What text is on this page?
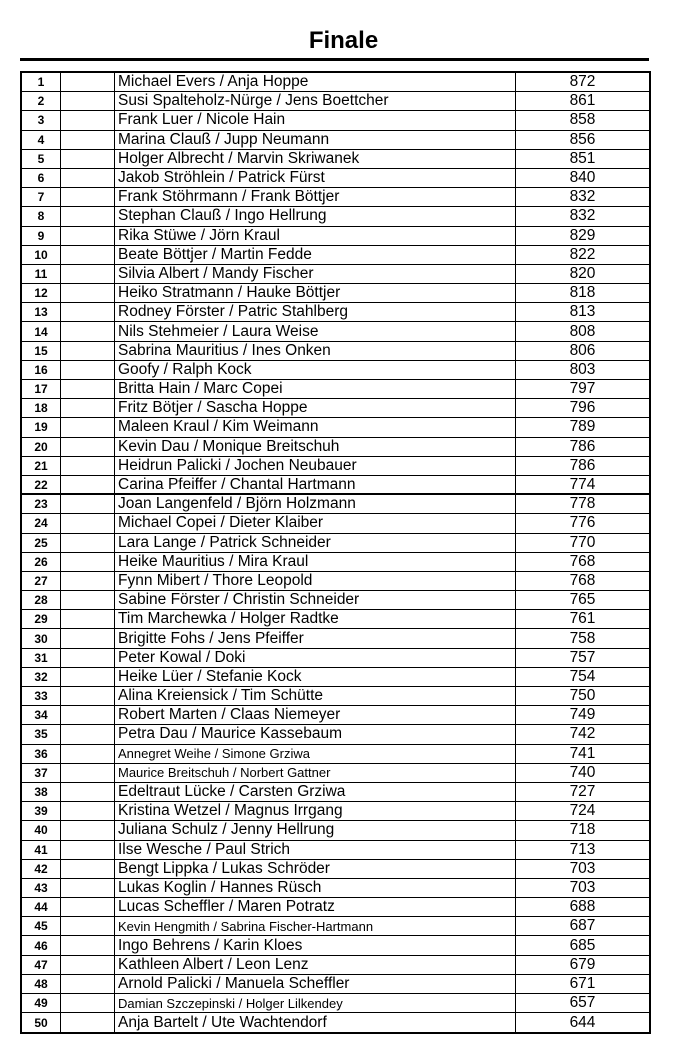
Finale
1	Michael Evers / Anja Hoppe	872
2	Susi Spalteholz-Nürge / Jens Boettcher	861
3	Frank Luer / Nicole Hain	858
4	Marina Clauß / Jupp Neumann	856
5	Holger Albrecht / Marvin Skriwanek	851
6	Jakob Ströhlein / Patrick Fürst	840
7	Frank Stöhrmann / Frank Böttjer	832
8	Stephan Clauß / Ingo Hellrung	832
9	Rika Stüwe / Jörn Kraul	829
10	Beate Böttjer / Martin Fedde	822
11	Silvia Albert / Mandy Fischer	820
12	Heiko Stratmann / Hauke Böttjer	818
13	Rodney Förster / Patric Stahlberg	813
14	Nils Stehmeier / Laura Weise	808
15	Sabrina Mauritius / Ines Onken	806
16	Goofy / Ralph Kock	803
17	Britta Hain / Marc Copei	797
18	Fritz Bötjer / Sascha Hoppe	796
19	Maleen Kraul / Kim Weimann	789
20	Kevin Dau / Monique Breitschuh	786
21	Heidrun Palicki / Jochen Neubauer	786
22	Carina Pfeiffer / Chantal Hartmann	774
23	Joan Langenfeld / Björn Holzmann	778
24	Michael Copei / Dieter Klaiber	776
25	Lara Lange / Patrick Schneider	770
26	Heike Mauritius / Mira Kraul	768
27	Fynn Mibert / Thore Leopold	768
28	Sabine Förster / Christin Schneider	765
29	Tim Marchewka / Holger Radtke	761
30	Brigitte Fohs / Jens Pfeiffer	758
31	Peter Kowal / Doki	757
32	Heike Lüer / Stefanie Kock	754
33	Alina Kreiensick / Tim Schütte	750
34	Robert Marten / Claas Niemeyer	749
35	Petra Dau / Maurice Kassebaum	742
36	Annegret Weihe / Simone Grziwa	741
37	Maurice Breitschuh / Norbert Gattner	740
38	Edeltraut Lücke / Carsten Grziwa	727
39	Kristina Wetzel / Magnus Irrgang	724
40	Juliana Schulz / Jenny Hellrung	718
41	Ilse Wesche / Paul Strich	713
42	Bengt Lippka / Lukas Schröder	703
43	Lukas Koglin / Hannes Rüsch	703
44	Lucas Scheffler / Maren Potratz	688
45	Kevin Hengmith / Sabrina Fischer-Hartmann	687
46	Ingo Behrens / Karin Kloes	685
47	Kathleen Albert / Leon Lenz	679
48	Arnold Palicki / Manuela Scheffler	671
49	Damian Szczepinski / Holger Lilkendey	657
50	Anja Bartelt / Ute Wachtendorf	644
